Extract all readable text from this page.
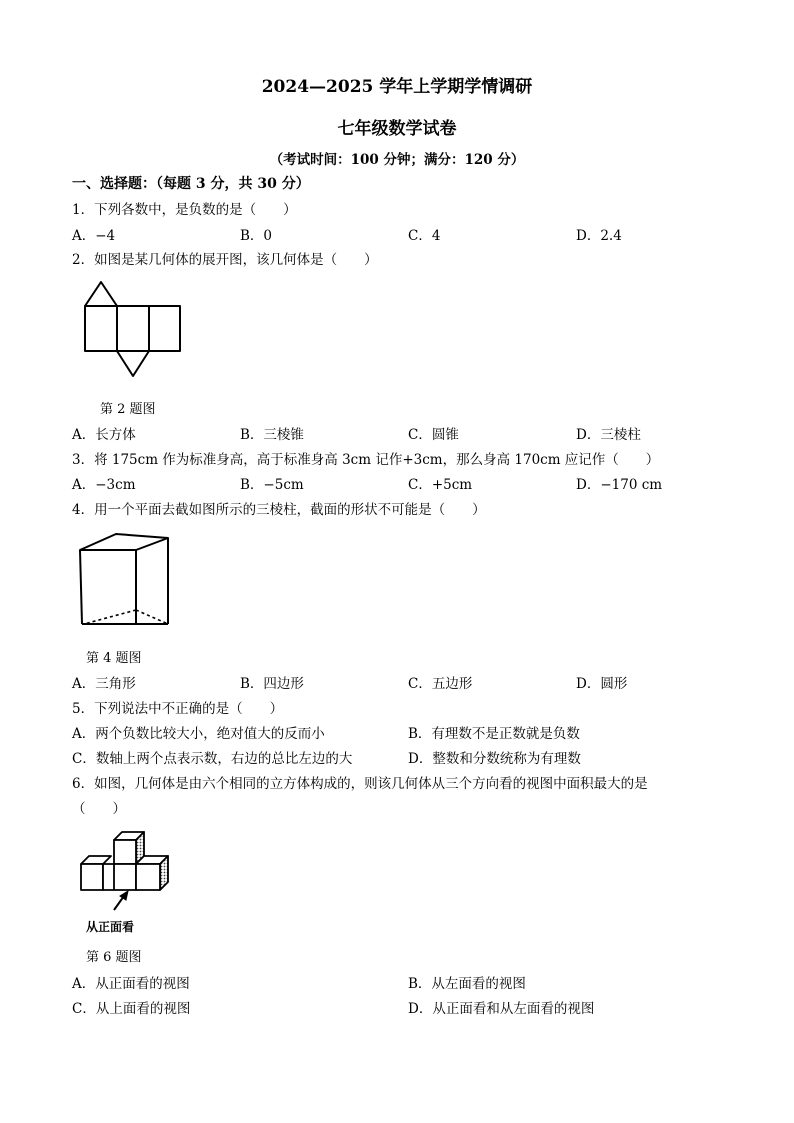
2024—2025 学年上学期学情调研
七年级数学试卷
（考试时间：100 分钟；满分：120 分）
一、选择题：（每题 3 分，共 30 分）
1．下列各数中，是负数的是（　　）
A．−4	B．0	C．4	D．2.4
2．如图是某几何体的展开图，该几何体是（　　）
第 2 题图
A．长方体	B．三棱锥	C．圆锥	D．三棱柱
3．将 175cm 作为标准身高，高于标准身高 3cm 记作+3cm，那么身高 170cm 应记作（　　）
A．−3cm	B．−5cm	C．+5cm	D．−170 cm
4．用一个平面去截如图所示的三棱柱，截面的形状不可能是（　　）
第 4 题图
A．三角形	B．四边形	C．五边形	D．圆形
5．下列说法中不正确的是（　　）
A．两个负数比较大小，绝对值大的反而小	B．有理数不是正数就是负数
C．数轴上两个点表示数，右边的总比左边的大	D．整数和分数统称为有理数
6．如图，几何体是由六个相同的立方体构成的，则该几何体从三个方向看的视图中面积最大的是
（　　）
从正面看
第 6 题图
A．从正面看的视图	B．从左面看的视图
C．从上面看的视图	D．从正面看和从左面看的视图
